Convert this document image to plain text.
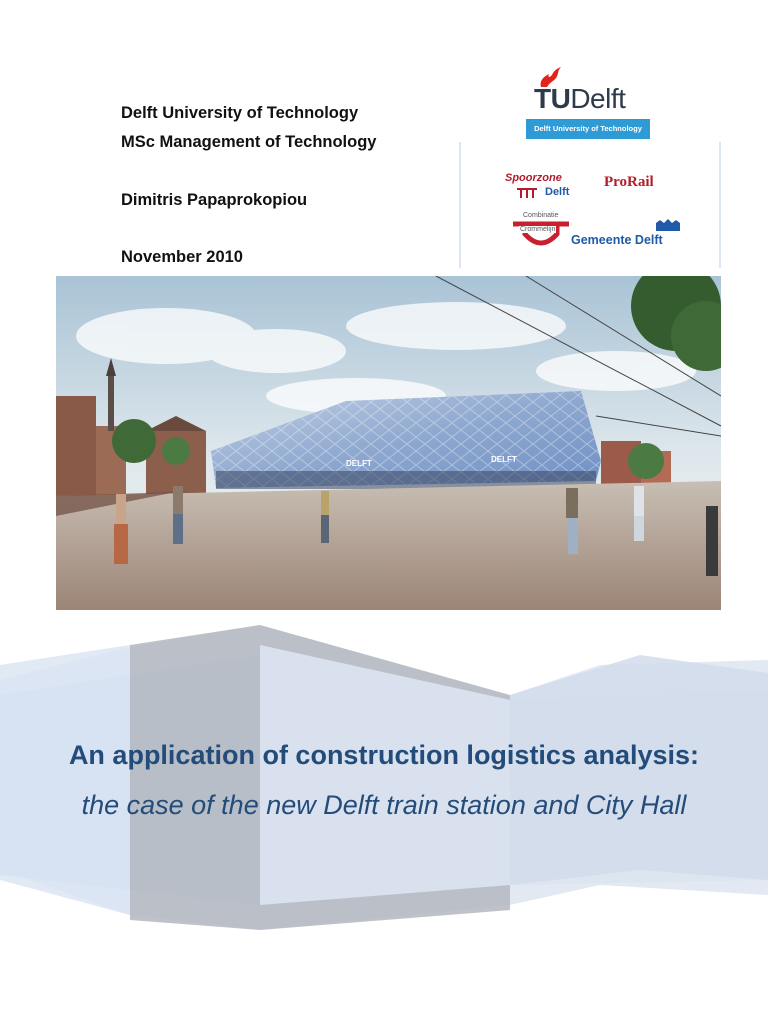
Delft University of Technology
MSc Management of Technology
Dimitris Papaprokopiou
November 2010
TUDelft
Delft University of Technology
Spoorzone
Delft
ProRail
Combinatie
Crommelijn
Gemeente Delft
DELFT	DELFT
An application of construction logistics analysis:
the case of the new Delft train station and City Hall
